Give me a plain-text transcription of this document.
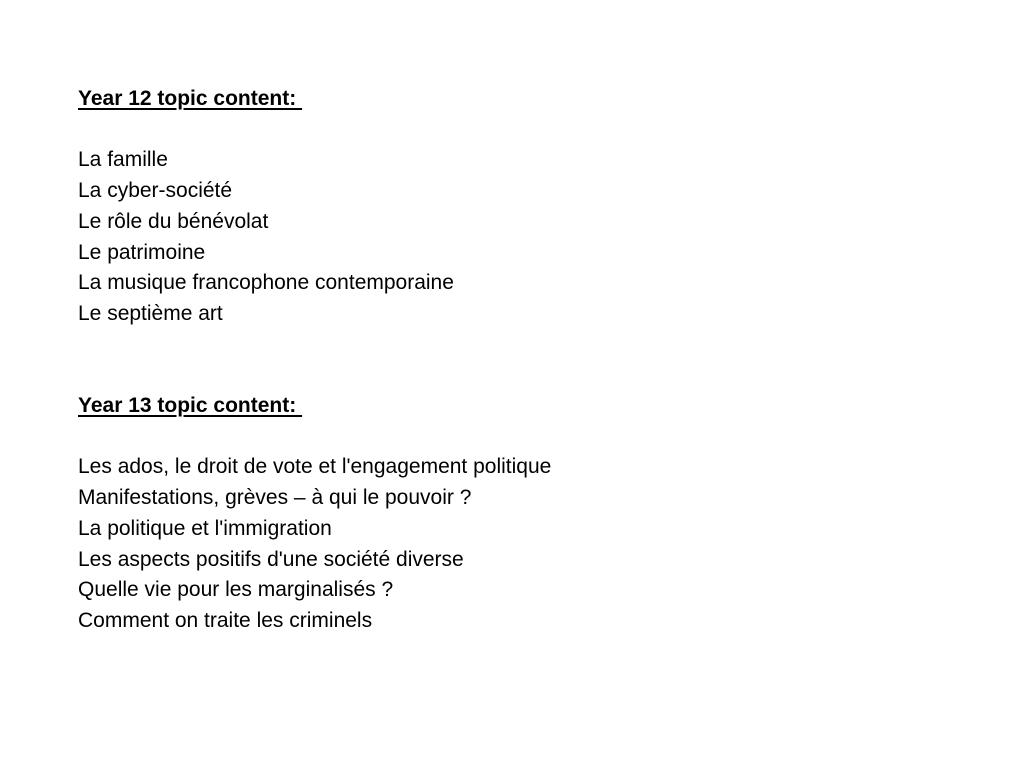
Year 12 topic content:

La famille
La cyber-société
Le rôle du bénévolat
Le patrimoine
La musique francophone contemporaine
Le septième art

Year 13 topic content:

Les ados, le droit de vote et l'engagement politique
Manifestations, grèves – à qui le pouvoir ?
La politique et l'immigration
Les aspects positifs d'une société diverse
Quelle vie pour les marginalisés ?
Comment on traite les criminels
